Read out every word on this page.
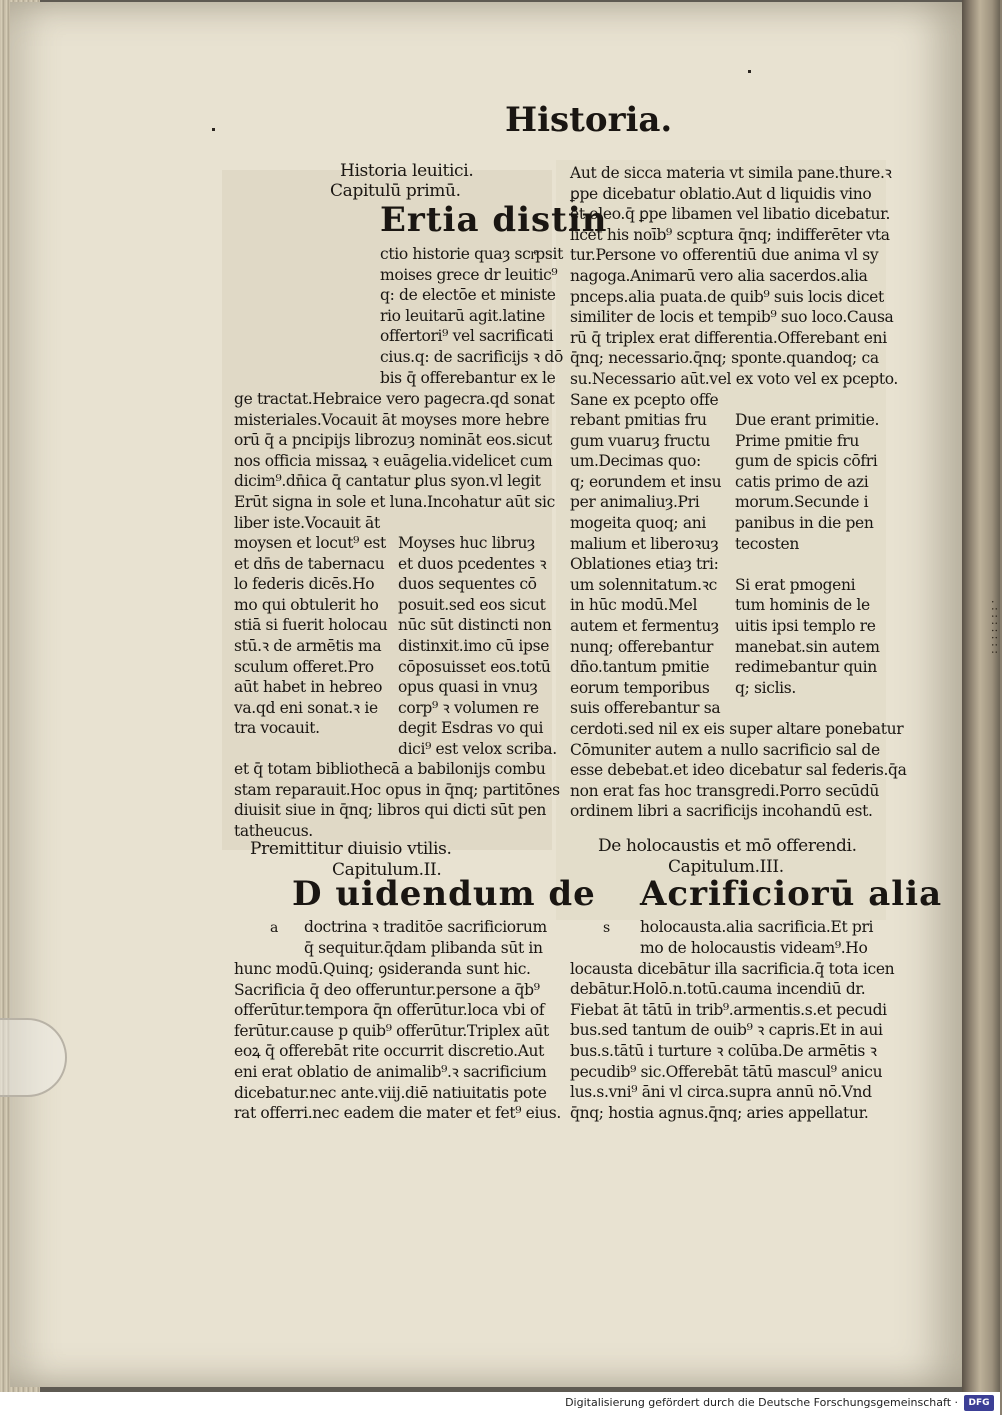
. : : : : : : :
Historia.
Historia leuitici.
Capitulū primū.
Ertia distin
ctio historie quaȝ scrͤpsit
moises grece dr leuitic⁹
q: de electōe et ministe
rio leuitarū agit.latine
offertori⁹ vel sacrificati
cius.q: de sacrificijs ꝛ dō
bis q̄ offerebantur ex le
ge tractat.Hebraice vero pagecra.qd sonat
misteriales.Vocauit āt moyses more hebre
orū q̄ a pncipijs librozuȝ nomināt eos.sicut
nos officia missaꝝ ꝛ euāgelia.videlicet cum
dicim⁹.dn̄ica q̄ cantatur ꝑlus syon.vl legit
Erūt signa in sole et luna.Incohatur aūt sic
liber iste.Vocauit āt
moysen et locut⁹ est
et dn̄s de tabernacu
lo federis dicēs.Ho
mo qui obtulerit ho
stiā si fuerit holocau
stū.ꝛ de armētis ma
sculum offeret.Pro
aūt habet in hebreo
va.qd eni sonat.ꝛ ie
tra vocauit.
Moyses huc libruȝ
et duos pcedentes ꝛ
duos sequentes cō
posuit.sed eos sicut
nūc sūt distincti non
distinxit.imo cū ipse
cōposuisset eos.totū
opus quasi in vnuȝ
corp⁹ ꝛ volumen re
degit Esdras vo qui
dici⁹ est velox scriba.
et q̄ totam bibliothecā a babilonijs combu
stam reparauit.Hoc opus in q̄nq; partitōnes
diuisit siue in q̄nq; libros qui dicti sūt pen
tatheucus.
Premittitur diuisio vtilis.
Capitulum.II.
D uidendum de
a doctrina ꝛ traditōe sacrificiorum
q̄ sequitur.q̄dam plibanda sūt in
hunc modū.Quinq; ꝯsideranda sunt hic.
Sacrificia q̄ deo offeruntur.persone a q̄b⁹
offerūtur.tempora q̄n offerūtur.loca vbi of
ferūtur.cause p quib⁹ offerūtur.Triplex aūt
eoꝝ q̄ offerebāt rite occurrit discretio.Aut
eni erat oblatio de animalib⁹.ꝛ sacrificium
dicebatur.nec ante.viij.diē natiuitatis pote
rat offerri.nec eadem die mater et fet⁹ eius.
Aut de sicca materia vt simila pane.thure.ꝛ
ꝑpe dicebatur oblatio.Aut d liquidis vino
et oleo.q̄ ꝑpe libamen vel libatio dicebatur.
licet his noīb⁹ scptura q̄nq; indifferēter vta
tur.Persone vo offerentiū due anima vl sy
nagoga.Animarū vero alia sacerdos.alia
pnceps.alia puata.de quib⁹ suis locis dicet
similiter de locis et tempib⁹ suo loco.Causa
rū q̄ triplex erat differentia.Offerebant eni
q̄nq; necessario.q̄nq; sponte.quandoq; ca
su.Necessario aūt.vel ex voto vel ex pcepto.
Sane ex pcepto offe
rebant pmitias fru
gum vuaruȝ fructu
um.Decimas quo:
q; eorundem et insu
per animaliuȝ.Pri
mogeita quoq; ani
malium et liberoꝛuȝ
Oblationes etiaȝ tri:
um solennitatum.ꝛc
in hūc modū.Mel
autem et fermentuȝ
nunq; offerebantur
dn̄o.tantum pmitie
eorum temporibus
suis offerebantur sa
Due erant primitie.
Prime pmitie fru
gum de spicis cōfri
catis primo de azi
morum.Secunde i
panibus in die pen
tecosten

Si erat pmogeni
tum hominis de le
uitis ipsi templo re
manebat.sin autem
redimebantur quin
q; siclis.
cerdoti.sed nil ex eis super altare ponebatur
Cōmuniter autem a nullo sacrificio sal de
esse debebat.et ideo dicebatur sal federis.q̄a
non erat fas hoc transgredi.Porro secūdū
ordinem libri a sacrificijs incohandū est.
De holocaustis et mō offerendi.
Capitulum.III.
Acrificiorū alia
s holocausta.alia sacrificia.Et pri
mo de holocaustis videam⁹.Ho
locausta dicebātur illa sacrificia.q̄ tota icen
debātur.Holō.n.totū.cauma incendiū dr.
Fiebat āt tātū in trib⁹.armentis.s.et pecudi
bus.sed tantum de ouib⁹ ꝛ capris.Et in aui
bus.s.tātū i turture ꝛ colūba.De armētis ꝛ
pecudib⁹ sic.Offerebāt tātū mascul⁹ anicu
lus.s.vni⁹ āni vl circa.supra annū nō.Vnd
q̄nq; hostia agnus.q̄nq; aries appellatur.
Digitalisierung gefördert durch die Deutsche Forschungsgemeinschaft ·	DFG
